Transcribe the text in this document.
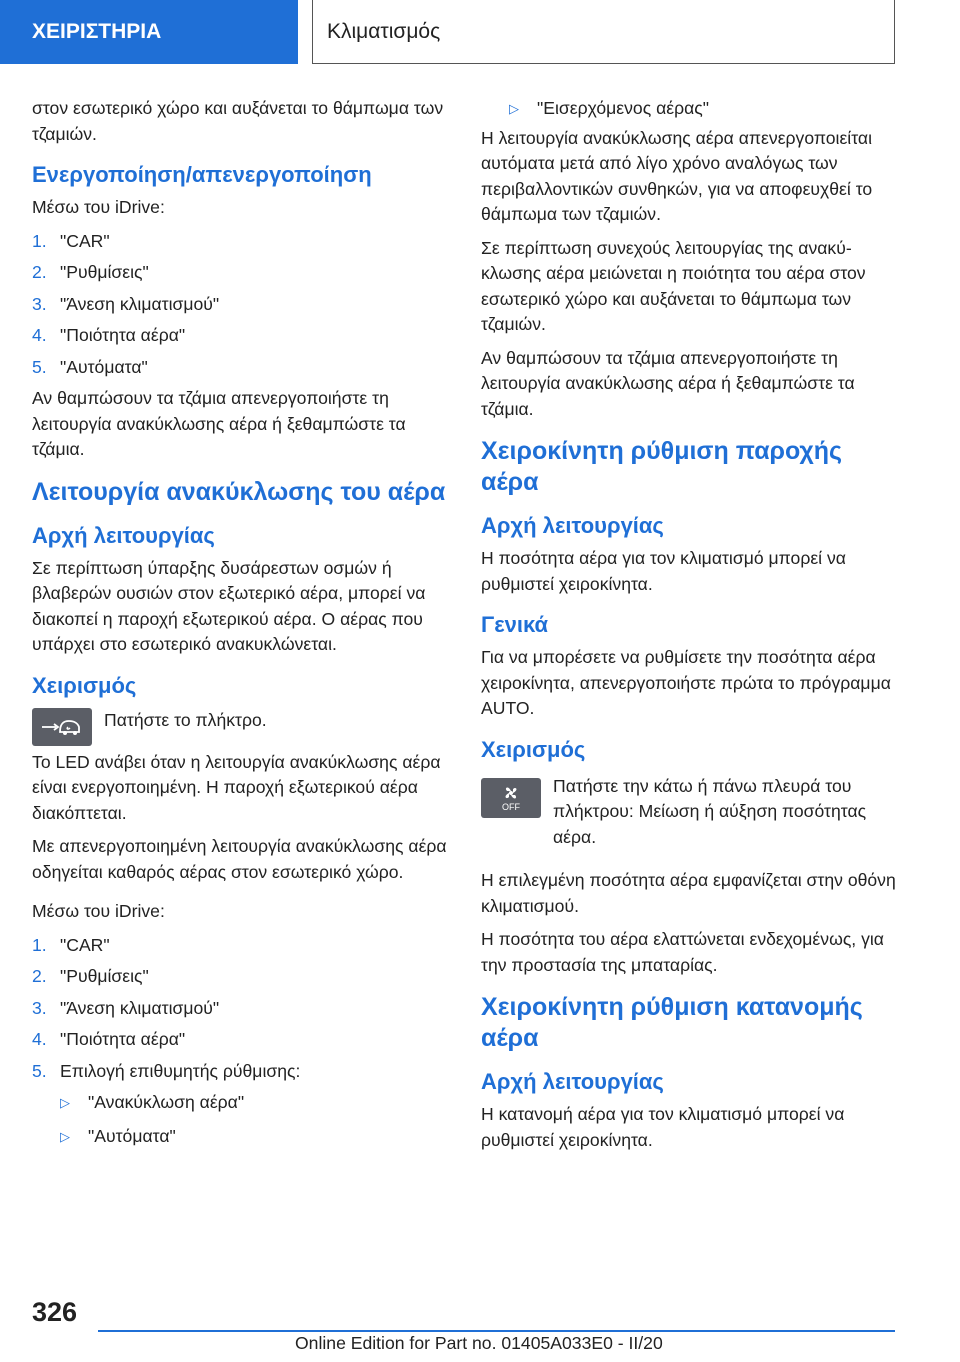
ΧΕΙΡΙΣΤΗΡΙΑ	Κλιματισμός

στον εσωτερικό χώρο και αυξάνεται το θάμπωμα των τζαμιών.

Ενεργοποίηση/απενεργοποίηση

Μέσω του iDrive:

1. "CAR"
2. "Ρυθμίσεις"
3. "Άνεση κλιματισμού"
4. "Ποιότητα αέρα"
5. "Αυτόματα"

Αν θαμπώσουν τα τζάμια απενεργοποιήστε τη λειτουργία ανακύκλωσης αέρα ή ξεθαμπώστε τα τζάμια.

Λειτουργία ανακύκλωσης του αέρα
Αρχή λειτουργίας

Σε περίπτωση ύπαρξης δυσάρεστων οσμών ή βλαβερών ουσιών στον εξωτερικό αέρα, μπορεί να διακοπεί η παροχή εξωτερικού αέρα. Ο αέρας που υπάρχει στο εσωτερικό ανακυκλώνεται.

Χειρισμός

Πατήστε το πλήκτρο.

Το LED ανάβει όταν η λειτουργία ανακύκλωσης αέρα είναι ενεργοποιημένη. Η παροχή εξωτερικού αέρα διακόπτεται.

Με απενεργοποιημένη λειτουργία ανακύκλωσης αέρα οδηγείται καθαρός αέρας στον εσωτερικό χώρο.

Μέσω του iDrive:

1. "CAR"
2. "Ρυθμίσεις"
3. "Άνεση κλιματισμού"
4. "Ποιότητα αέρα"
5. Επιλογή επιθυμητής ρύθμισης:
▷	"Ανακύκλωση αέρα"
▷	"Αυτόματα"
▷	"Εισερχόμενος αέρας"

Η λειτουργία ανακύκλωσης αέρα απενεργοποιείται αυτόματα μετά από λίγο χρόνο αναλόγως των περιβαλλοντικών συνθηκών, για να αποφευχθεί το θάμπωμα των τζαμιών.

Σε περίπτωση συνεχούς λειτουργίας της ανακύκλωσης αέρα μειώνεται η ποιότητα του αέρα στον εσωτερικό χώρο και αυξάνεται το θάμπωμα των τζαμιών.

Αν θαμπώσουν τα τζάμια απενεργοποιήστε τη λειτουργία ανακύκλωσης αέρα ή ξεθαμπώστε τα τζάμια.

Χειροκίνητη ρύθμιση παροχής αέρα
Αρχή λειτουργίας

Η ποσότητα αέρα για τον κλιματισμό μπορεί να ρυθμιστεί χειροκίνητα.

Γενικά

Για να μπορέσετε να ρυθμίσετε την ποσότητα αέρα χειροκίνητα, απενεργοποιήστε πρώτα το πρόγραμμα AUTO.

Χειρισμός
OFF

Πατήστε την κάτω ή πάνω πλευρά του πλήκτρου: Μείωση ή αύξηση ποσότητας αέρα.

Η επιλεγμένη ποσότητα αέρα εμφανίζεται στην οθόνη κλιματισμού.

Η ποσότητα του αέρα ελαττώνεται ενδεχομένως, για την προστασία της μπαταρίας.

Χειροκίνητη ρύθμιση κατανομής αέρα
Αρχή λειτουργίας

Η κατανομή αέρα για τον κλιματισμό μπορεί να ρυθμιστεί χειροκίνητα.

326
Online Edition for Part no. 01405A033E0 - II/20
